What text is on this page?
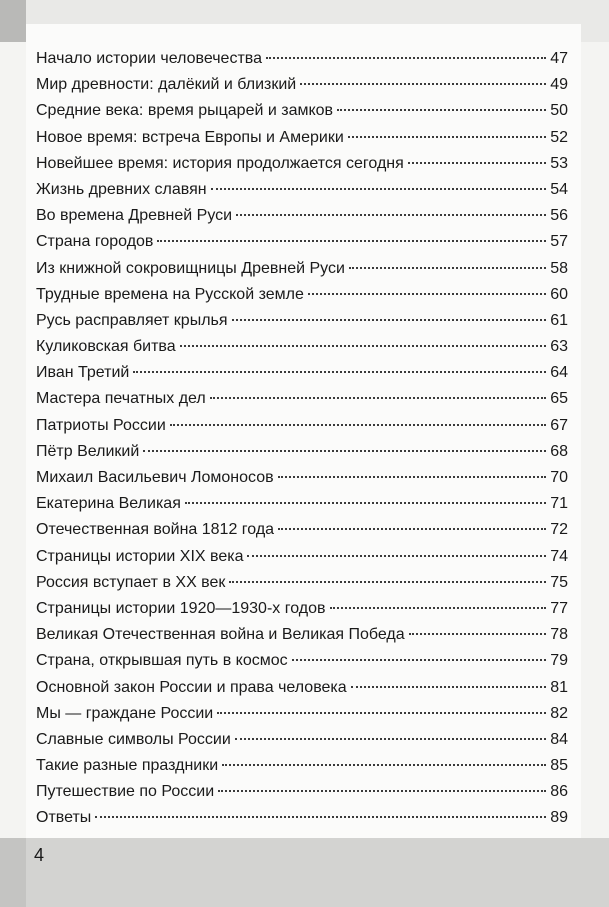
Начало истории человечества	47
Мир древности: далёкий и близкий	49
Средние века: время рыцарей и замков	50
Новое время: встреча Европы и Америки	52
Новейшее время: история продолжается сегодня	53
Жизнь древних славян	54
Во времена Древней Руси	56
Страна городов	57
Из книжной сокровищницы Древней Руси	58
Трудные времена на Русской земле	60
Русь расправляет крылья	61
Куликовская битва	63
Иван Третий	64
Мастера печатных дел	65
Патриоты России	67
Пётр Великий	68
Михаил Васильевич Ломоносов	70
Екатерина Великая	71
Отечественная война 1812 года	72
Страницы истории XIX века	74
Россия вступает в XX век	75
Страницы истории 1920—1930-х годов	77
Великая Отечественная война и Великая Победа	78
Страна, открывшая путь в космос	79
Основной закон России и права человека	81
Мы — граждане России	82
Славные символы России	84
Такие разные праздники	85
Путешествие по России	86
Ответы	89
4
